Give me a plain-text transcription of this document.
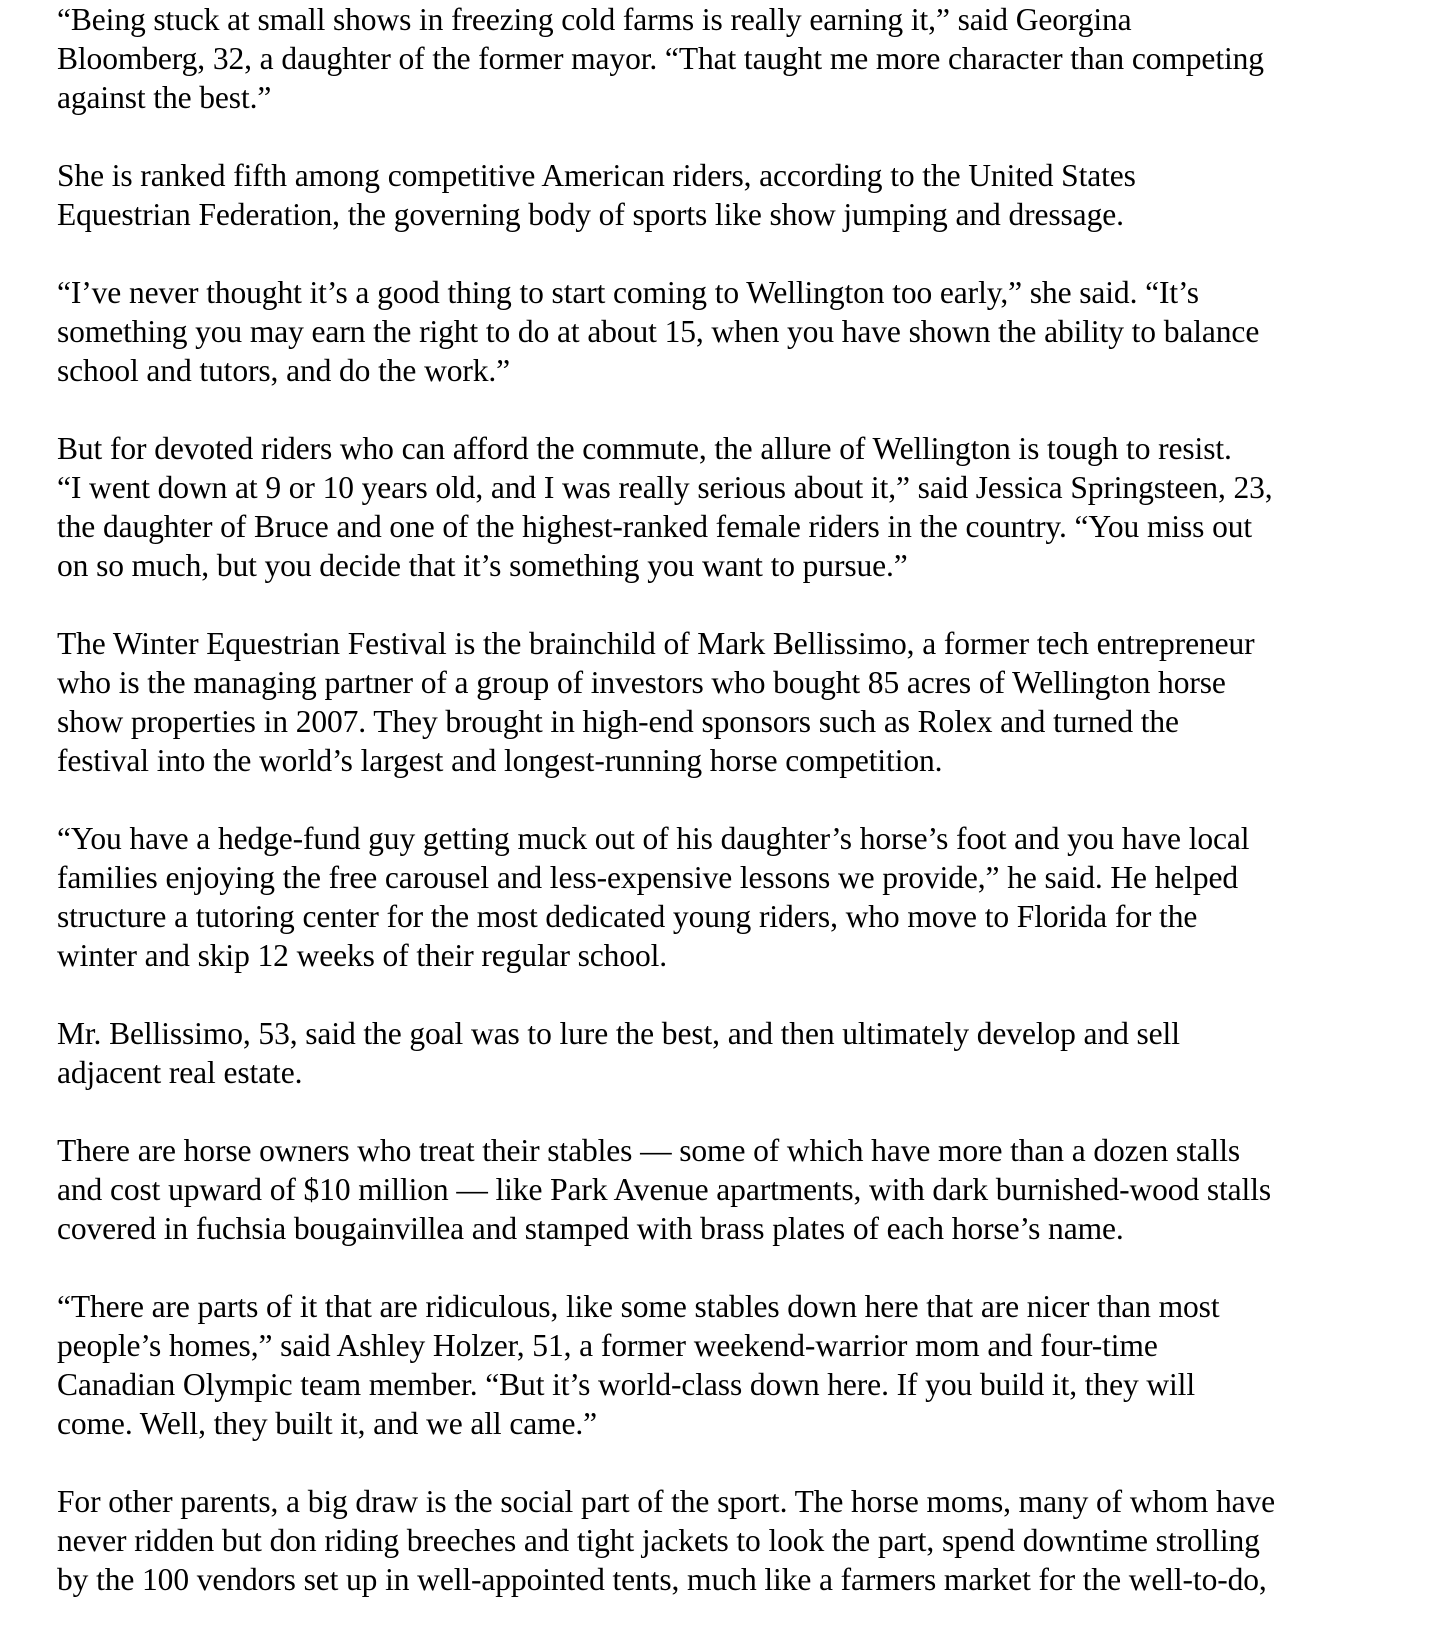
“Being stuck at small shows in freezing cold farms is really earning it,” said Georgina
Bloomberg, 32, a daughter of the former mayor. “That taught me more character than competing
against the best.”

She is ranked fifth among competitive American riders, according to the United States
Equestrian Federation, the governing body of sports like show jumping and dressage.

“I’ve never thought it’s a good thing to start coming to Wellington too early,” she said. “It’s
something you may earn the right to do at about 15, when you have shown the ability to balance
school and tutors, and do the work.”

But for devoted riders who can afford the commute, the allure of Wellington is tough to resist.
“I went down at 9 or 10 years old, and I was really serious about it,” said Jessica Springsteen, 23,
the daughter of Bruce and one of the highest-ranked female riders in the country. “You miss out
on so much, but you decide that it’s something you want to pursue.”

The Winter Equestrian Festival is the brainchild of Mark Bellissimo, a former tech entrepreneur
who is the managing partner of a group of investors who bought 85 acres of Wellington horse
show properties in 2007. They brought in high-end sponsors such as Rolex and turned the
festival into the world’s largest and longest-running horse competition.

“You have a hedge-fund guy getting muck out of his daughter’s horse’s foot and you have local
families enjoying the free carousel and less-expensive lessons we provide,” he said. He helped
structure a tutoring center for the most dedicated young riders, who move to Florida for the
winter and skip 12 weeks of their regular school.

Mr. Bellissimo, 53, said the goal was to lure the best, and then ultimately develop and sell
adjacent real estate.

There are horse owners who treat their stables — some of which have more than a dozen stalls
and cost upward of $10 million — like Park Avenue apartments, with dark burnished-wood stalls
covered in fuchsia bougainvillea and stamped with brass plates of each horse’s name.

“There are parts of it that are ridiculous, like some stables down here that are nicer than most
people’s homes,” said Ashley Holzer, 51, a former weekend-warrior mom and four-time
Canadian Olympic team member. “But it’s world-class down here. If you build it, they will
come. Well, they built it, and we all came.”

For other parents, a big draw is the social part of the sport. The horse moms, many of whom have
never ridden but don riding breeches and tight jackets to look the part, spend downtime strolling
by the 100 vendors set up in well-appointed tents, much like a farmers market for the well-to-do,
